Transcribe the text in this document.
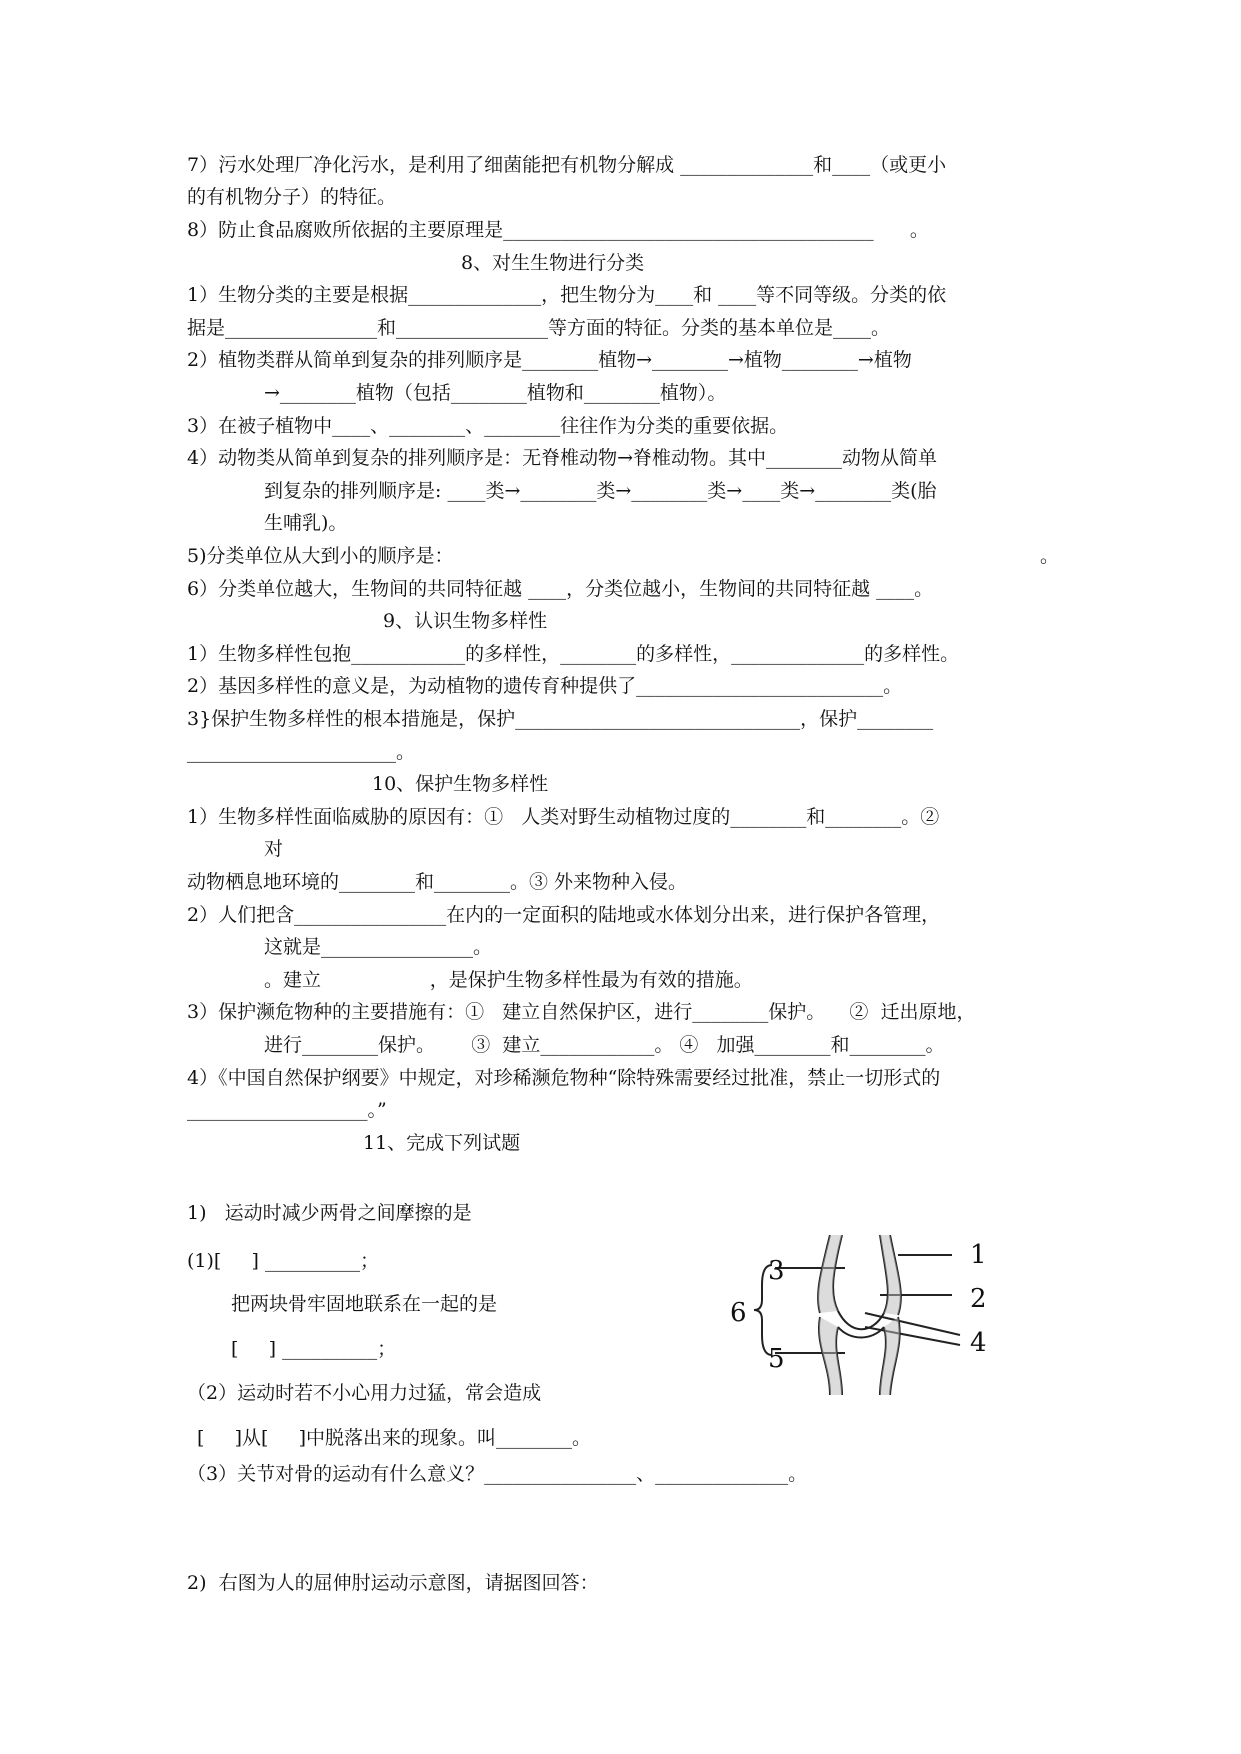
7）污水处理厂净化污水，是利用了细菌能把有机物分解成 ______________和____（或更小
的有机物分子）的特征。
8）防止食品腐败所依据的主要原理是_______________________________________      。
8、对生生物进行分类
1）生物分类的主要是根据______________，把生物分为____和 ____等不同等级。分类的依
据是________________和________________等方面的特征。分类的基本单位是____。
2）植物类群从简单到复杂的排列顺序是________植物→________→植物________→植物
→________植物（包括________植物和________植物）。
3）在被子植物中____、________、________往往作为分类的重要依据。
4）动物类从简单到复杂的排列顺序是：无脊椎动物→脊椎动物。其中________动物从简单
到复杂的排列顺序是: ____类→________类→________类→____类→________类(胎
生哺乳)。
5)分类单位从大到小的顺序是：	。
6）分类单位越大，生物间的共同特征越 ____，分类位越小，生物间的共同特征越 ____。
9、认识生物多样性
1）生物多样性包抱____________的多样性，________的多样性，______________的多样性。
2）基因多样性的意义是，为动植物的遗传育种提供了__________________________。
3}保护生物多样性的根本措施是，保护______________________________，保护________
______________________。
10、保护生物多样性
1）生物多样性面临威胁的原因有：①   人类对野生动植物过度的________和________。②
对
动物栖息地环境的________和________。③ 外来物种入侵。
2）人们把含________________在内的一定面积的陆地或水体划分出来，进行保护各管理，
这就是________________。
。建立                  ，是保护生物多样性最为有效的措施。
3）保护濒危物种的主要措施有：①   建立自然保护区，进行________保护。    ②  迁出原地，
进行________保护。      ③  建立____________。 ④   加强________和________。
4）《中国自然保护纲要》中规定，对珍稀濒危物种“除特殊需要经过批准，禁止一切形式的
___________________。”
11、完成下列试题
1)   运动时减少两骨之间摩擦的是
(1)[     ] __________；
把两块骨牢固地联系在一起的是
[     ] __________；
（2）运动时若不小心用力过猛，常会造成
[     ]从[     ]中脱落出来的现象。叫________。
（3）关节对骨的运动有什么意义？________________、______________。
2)  右图为人的屈伸肘运动示意图，请据图回答：
1
2
3
4
5
6
